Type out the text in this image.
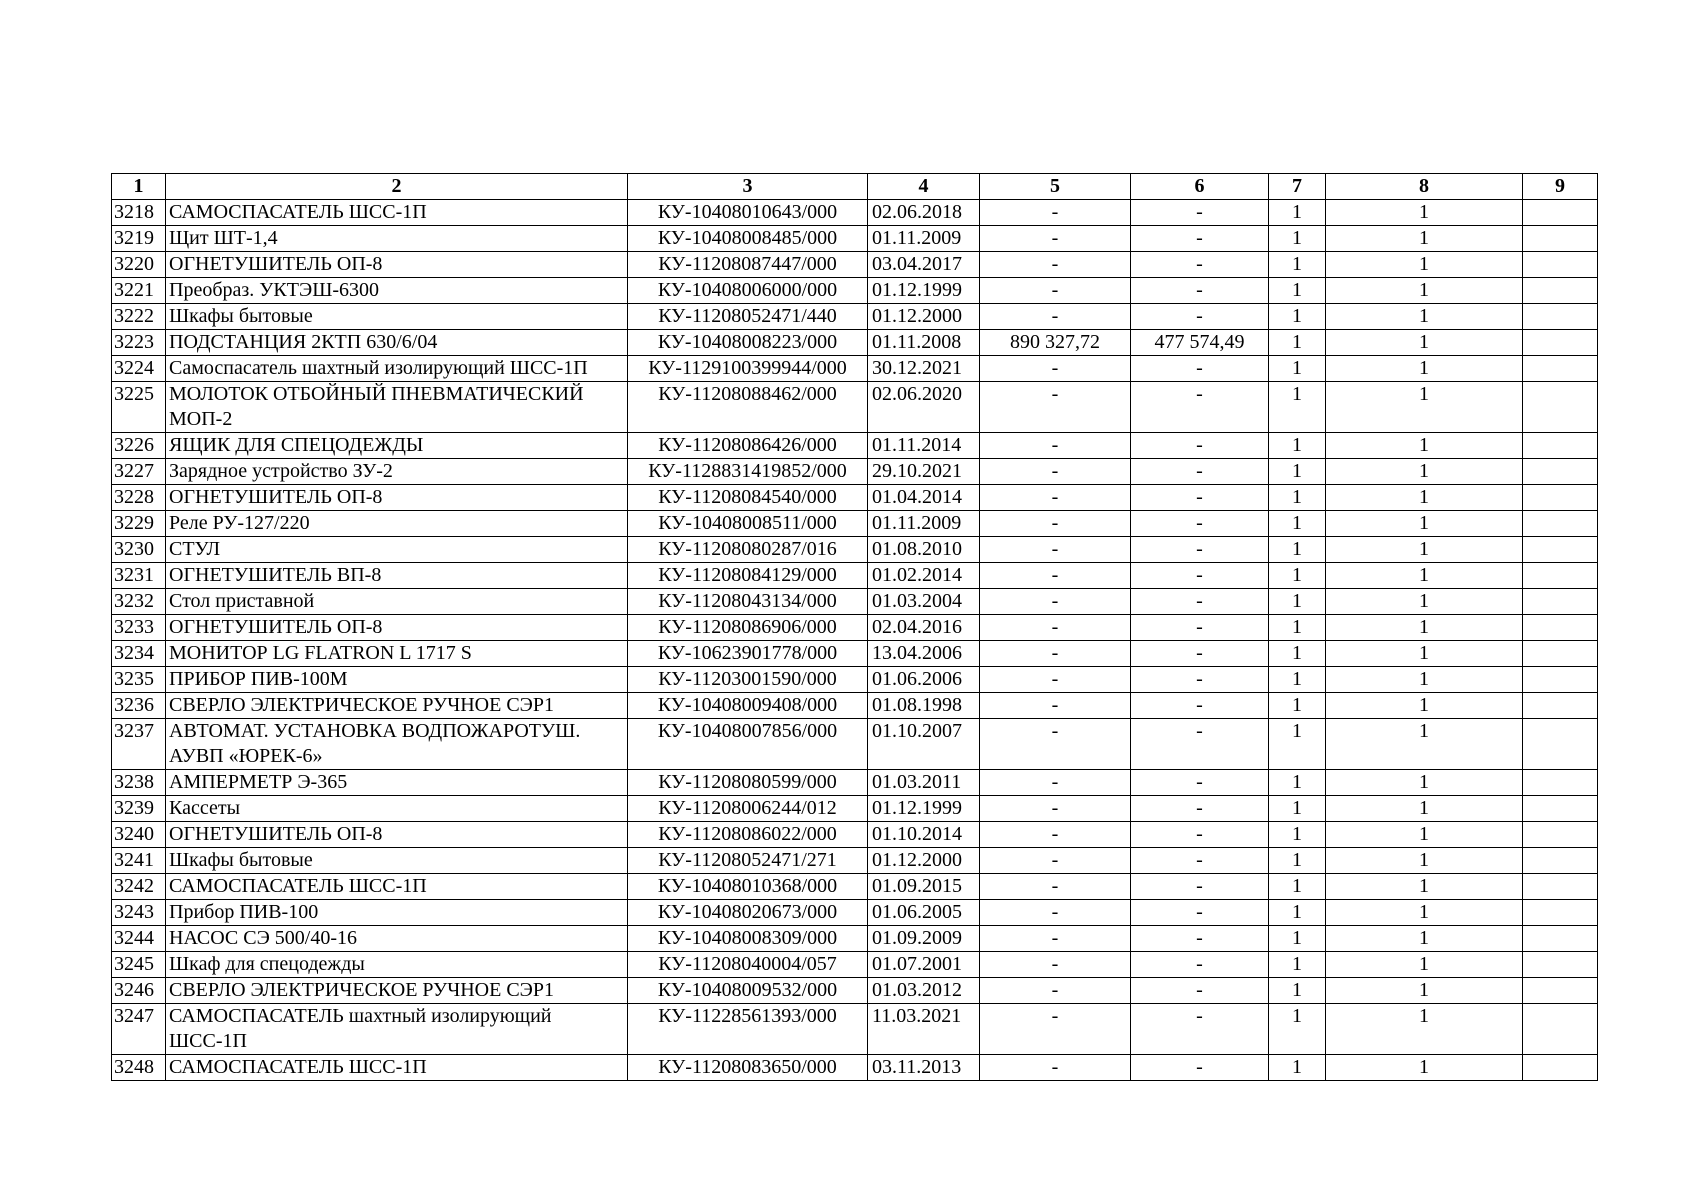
1	2	3	4	5	6	7	8	9
3218	САМОСПАСАТЕЛЬ ШСС-1П	КУ-10408010643/000	02.06.2018	-	-	1	1	
3219	Щит ШТ-1,4	КУ-10408008485/000	01.11.2009	-	-	1	1	
3220	ОГНЕТУШИТЕЛЬ ОП-8	КУ-11208087447/000	03.04.2017	-	-	1	1	
3221	Преобраз. УКТЭШ-6300	КУ-10408006000/000	01.12.1999	-	-	1	1	
3222	Шкафы бытовые	КУ-11208052471/440	01.12.2000	-	-	1	1	
3223	ПОДСТАНЦИЯ 2КТП 630/6/04	КУ-10408008223/000	01.11.2008	890 327,72	477 574,49	1	1	
3224	Самоспасатель шахтный изолирующий ШСС-1П	КУ-1129100399944/000	30.12.2021	-	-	1	1	
3225	МОЛОТОК ОТБОЙНЫЙ ПНЕВМАТИЧЕСКИЙ МОП-2	КУ-11208088462/000	02.06.2020	-	-	1	1	
3226	ЯЩИК ДЛЯ СПЕЦОДЕЖДЫ	КУ-11208086426/000	01.11.2014	-	-	1	1	
3227	Зарядное устройство ЗУ-2	КУ-1128831419852/000	29.10.2021	-	-	1	1	
3228	ОГНЕТУШИТЕЛЬ ОП-8	КУ-11208084540/000	01.04.2014	-	-	1	1	
3229	Реле РУ-127/220	КУ-10408008511/000	01.11.2009	-	-	1	1	
3230	СТУЛ	КУ-11208080287/016	01.08.2010	-	-	1	1	
3231	ОГНЕТУШИТЕЛЬ ВП-8	КУ-11208084129/000	01.02.2014	-	-	1	1	
3232	Стол приставной	КУ-11208043134/000	01.03.2004	-	-	1	1	
3233	ОГНЕТУШИТЕЛЬ ОП-8	КУ-11208086906/000	02.04.2016	-	-	1	1	
3234	МОНИТОР LG FLATRON L 1717 S	КУ-10623901778/000	13.04.2006	-	-	1	1	
3235	ПРИБОР ПИВ-100М	КУ-11203001590/000	01.06.2006	-	-	1	1	
3236	СВЕРЛО ЭЛЕКТРИЧЕСКОЕ РУЧНОЕ СЭР1	КУ-10408009408/000	01.08.1998	-	-	1	1	
3237	АВТОМАТ. УСТАНОВКА ВОДПОЖАРОТУШ. АУВП «ЮРЕК-6»	КУ-10408007856/000	01.10.2007	-	-	1	1	
3238	АМПЕРМЕТР Э-365	КУ-11208080599/000	01.03.2011	-	-	1	1	
3239	Кассеты	КУ-11208006244/012	01.12.1999	-	-	1	1	
3240	ОГНЕТУШИТЕЛЬ ОП-8	КУ-11208086022/000	01.10.2014	-	-	1	1	
3241	Шкафы бытовые	КУ-11208052471/271	01.12.2000	-	-	1	1	
3242	САМОСПАСАТЕЛЬ ШСС-1П	КУ-10408010368/000	01.09.2015	-	-	1	1	
3243	Прибор ПИВ-100	КУ-10408020673/000	01.06.2005	-	-	1	1	
3244	НАСОС СЭ 500/40-16	КУ-10408008309/000	01.09.2009	-	-	1	1	
3245	Шкаф для спецодежды	КУ-11208040004/057	01.07.2001	-	-	1	1	
3246	СВЕРЛО ЭЛЕКТРИЧЕСКОЕ РУЧНОЕ СЭР1	КУ-10408009532/000	01.03.2012	-	-	1	1	
3247	САМОСПАСАТЕЛЬ шахтный изолирующий ШСС-1П	КУ-11228561393/000	11.03.2021	-	-	1	1	
3248	САМОСПАСАТЕЛЬ ШСС-1П	КУ-11208083650/000	03.11.2013	-	-	1	1	
